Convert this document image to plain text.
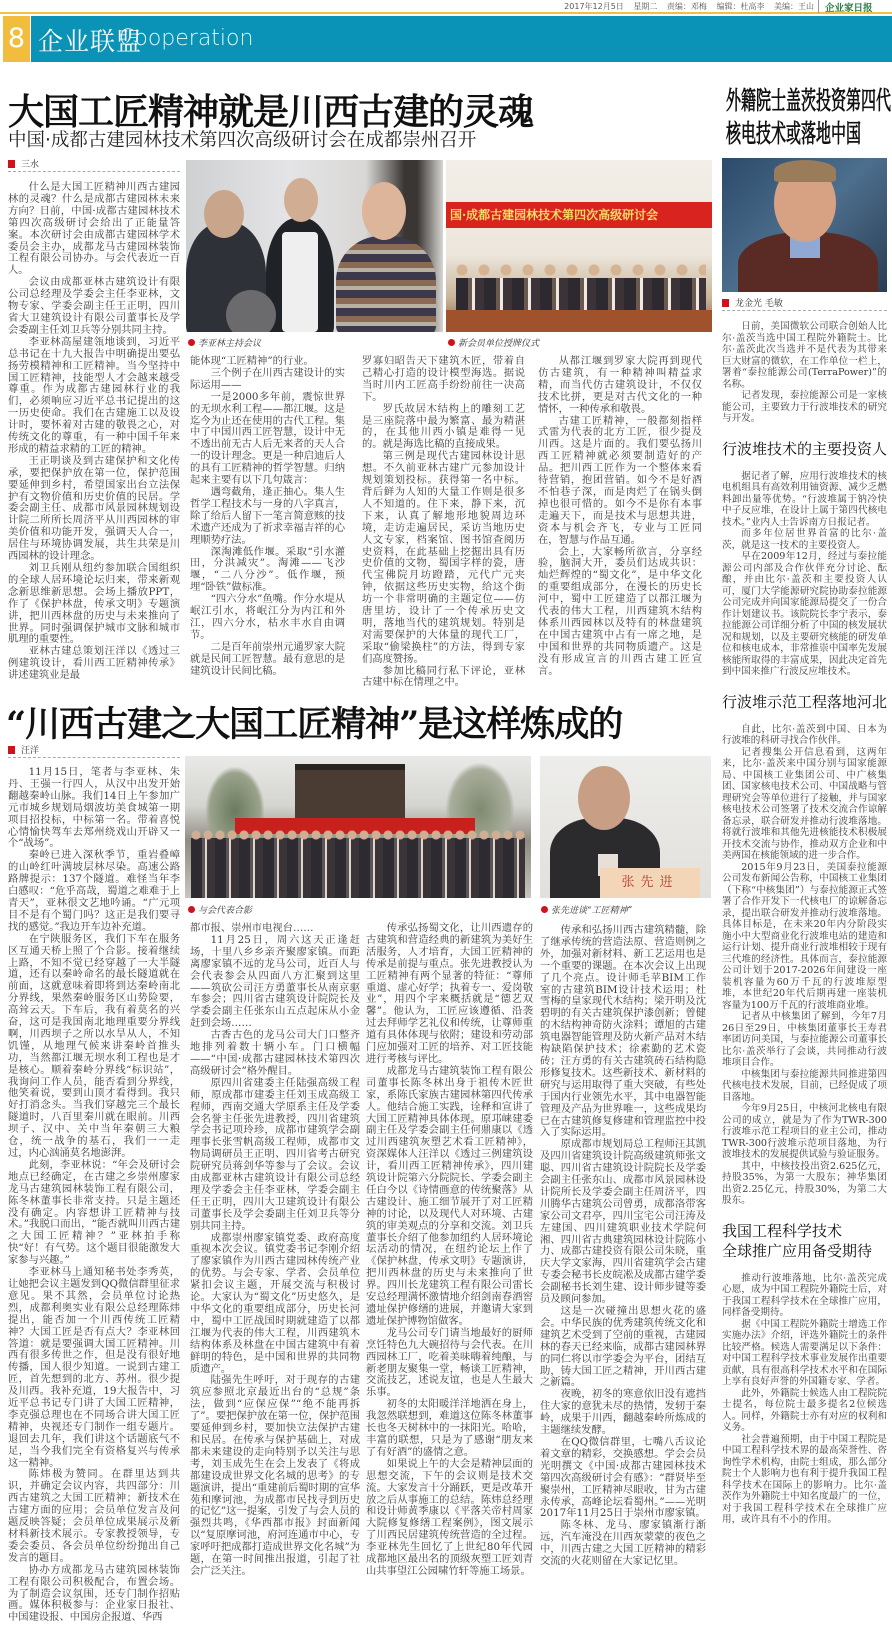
2017年12月5日 星期二 责编：邓梅 编辑：杜高李 美编：王山	企业家日报
8 企业联盟
Cooperation
大国工匠精神就是川西古建的灵魂
中国·成都古建园林技术第四次高级研讨会在成都崇州召开
三水

什么是大国工匠精神川西古建园林的灵魂？什么是成都古建园林未来方向？日前，中国·成都古建园林技术第四次高级研讨会给出了正能量答案。本次研讨会由成都古建园林学术委员会主办，成都龙马古建园林装饰工程有限公司协办。与会代表近一百人。

会议由成都亚林古建筑设计有限公司总经理及学委会主任李亚林，文物专家、学委会副主任王正明，四川省大卫建筑设计有限公司董事长及学会委副主任刘卫兵等分别共同主持。

李亚林高屋建瓴地谈到，习近平总书记在十九大报告中明确提出要弘扬劳模精神和工匠精神。当今坚持中国工匠精神，技能型人才会越来越受尊重。作为成都古建园林行业的我们，必须响应习近平总书记提出的这一历史使命。我们在古建施工以及设计时，要怀着对古建的敬畏之心，对传统文化的尊重，有一种中国千年来形成的精益求精的工匠的精神。

王正明谈及到古建保护和文化传承，要把保护放在第一位，保护范围要延伸到乡村，希望国家出台立法保护有文物价值和历史价值的民居。学委会副主任、成都市风景园林规划设计院二所所长周济平从川西园林的审美价值和功能开发，强调天人合一，居住与环境协调发展，共生共荣是川西园林的设计理念。

刘卫兵刚从纽约参加联合国组织的全球人居环境论坛归来，带来新观念新思维新思想。会场上播放PPT，作了《保护林盘，传承文明》专题演讲，把川西林盘的历史与未来推向了世界。同时强调保护城市文脉和城市肌理的重要性。

亚林古建总策划汪洋以《透过三例建筑设计，看川西工匠精神传承》讲述建筑业是最

国·成都古建园林技术第四次高级研讨会
李亚林主持会议	新会员单位授牌仪式

能体现“工匠精神”的行业。

三个例子在川西古建设计的实际运用——

一是2000多年前，震惊世界的无坝水利工程——都江堰。这是迄今为止还在使用的古代工程。集中了中国川西工匠智慧，设计中无不透出前无古人后无来者的天人合一的设计理念。更是一种启迪后人的具有工匠精神的哲学智慧。归纳起来主要有以下几句箴言：

遇弯截角，逢正抽心。集人生哲学工程技术与一身的八字真言，除了给后人留下一笔言简意赅的技术遗产还成为了祈求幸福吉祥的心理顺势疗法。

深淘滩低作堰。采取“引水灌田，分洪减灾”。淘滩——飞沙堰，“二八分沙”。低作堰，预埋“卧铁”做标准。

“四六分水”鱼嘴。作分水堤从岷江引水，将岷江分为内江和外江，四六分水，枯水丰水自由调节。

二是百年前崇州元通罗家大院就是民间工匠智慧。最有意思的是建筑设计民间比稿。

罗寡妇昭告天下建筑木匠，带着自己精心打造的设计模型海选。据说当时川内工匠高手纷纷前往一决高下。

罗氏故居木结构上的雕刻工艺是三座院落中最为繁富、最为精湛的，在其他川西小镇是难得一见的。就是海选比稿的直接成果。

第三例是现代古建园林设计思想。不久前亚林古建广元参加设计规划策划投标。获得第一名中标。背后鲜为人知的大量工作则是很多人不知道的。住下来，静下来，沉下来，认真了解地形地貌周边环境，走访走遍居民，采访当地历史人文专家，档案馆、图书馆查阅历史资料，在此基础上挖掘出具有历史价值的文物，蜀国字样的瓷，唐代宝佛院月坊蹬踏，元代广元夹钟，依据这些历史实物，给这个街坊一个非常明确的主题定位——仿唐里坊，设计了一个传承历史文明，落地当代的建筑规划。特别是对需要保护的大体量的现代工厂，采取“偷梁换柱”的方法，得到专家们高度赞扬。

参加比稿同行私下评论，亚林古建中标在情理之中。

从都江堰到罗家大院再到现代仿古建筑，有一种精神叫精益求精，而当代仿古建筑设计，不仅仅技术比拼，更是对古代文化的一种情怀，一种传承和敬畏。

古建工匠精神，一般都刻指样式雷为代表的北方工匠，很少提及川西。这是片面的。我们要弘扬川西工匠精神就必须要制造好的产品。把川西工匠作为一个整体来看待营销，抱团营销。如今不是好酒不怕巷子深，而是肉烂了在锅头倒掉也很可惜的。如今不是你有本事走遍天下，而是技术与思想共进，资本与机会齐飞，专业与工匠同在，智慧与作品互通。

会上，大家畅所欲言，分享经验，脑洞大开，委员们达成共识：灿烂辉煌的“蜀文化”，是中华文化的重要组成部分，在漫长的历史长河中，蜀中工匠建造了以都江堰为代表的伟大工程，川西建筑木结构体系川西园林以及特有的林盘建筑在中国古建筑中占有一席之地，是中国和世界的共同物质遗产。这是没有形成宣言的川西古建工匠宣言。

“川西古建之大国工匠精神”是这样炼成的
汪洋

11月15日，笔者与李亚林、朱丹、王强一行四人，从汉中出发开始翻越秦岭山脉。我们14日上午参加广元市城乡规划局烟波坊美食城第一期项目招投标，中标第一名。带着喜悦心情愉快驾车去郑州绕戏山开辟又一个“战场”。

秦岭已进入深秋季节，重岩叠嶂的山岭红叶满坡层林尽染。高速公路路牌提示：137个隧道。难怪当年李白感叹：“危乎高哉，蜀道之难难于上青天”，亚林很文艺地吟诵。“广元项目不是有个蜀门吗？这正是我们要寻找的感觉。”我边开车边补充道。

在宁陕服务区，我们下车在服务区互通天桥上照了个合影。接着继续上路，不知不觉已经穿越了一大半隧道，还有以秦岭命名的最长隧道就在前面，这就意味着即将到达秦岭南北分界线，果然秦岭服务区山势险要，高耸云天。下车后，我有着莫名的兴奋，这可是我国南北地理重要分界线啊，川西坝子之所以水旱从人，不知饥馑，从地理气候来讲秦岭首推头功，当然都江堰无坝水利工程也是才是核心。顺着秦岭分界线“标识站”，我询问工作人员，能否看到分界线，他笑着说，要到山顶才看得到。我只好打消念头。当我们穿越完三个最长隧道时，八百里秦川就在眼前。川西坝子、汉中、关中当年秦朝三大粮仓，统一战争的基石，我们一一走过，内心汹涌莫名地澎湃。

此刻，李亚林说：“年会及研讨会地点已经确定，在古建之乡崇州廖家龙马古建筑园林装饰工程有限公司，陈冬林董事长非常支持。只是主题还没有确定。内容想讲工匠精神与技术。”我脱口而出，“能否就叫川西古建之大国工匠精神？”亚林拍手称快“好！有气势。这个题目很能激发大家参与兴趣。”

李亚林马上通知秘书处李秀英，让她把会议主题发到QQ微信群里征求意见。果不其然，会员单位讨论热烈，成都利奥实业有限公总经理陈炜提出，能否加一个川西传统工匠精神？大国工匠是否有点大？李亚林回答道：就是要强调大国工匠精神。川西有很多传世之作，但是没有很好地传播，国人很少知道。一说到古建工匠，首先想到的北方、苏州。很少提及川西。我补充道，19大报告中，习近平总书记专门讲了大国工匠精神，李克强总理也在不同场合讲大国工匠精神，央视还专门制作一组专题片。退回去几年，我们讲这个话题底气不足，当今我们完全有资格复兴与传承这一精神。

陈炜极为赞同。在群里达到共识，并确定会议内容，共四部分：川西古建筑之大国工匠精神；新技术在古建方面的应用；会员单位发言及问题反映答疑；会员单位成果展示及新材料新技术展示。专家教授领导，专委会委员、各会员单位纷纷抛出自己发言的题目。

协办方成都龙马古建筑园林装饰工程有限公司积极配合，布置会场。为了制造会议氛围，还专门制作招贴画。媒体积极参与：企业家日报社、中国建设报、中国房企报道、华西

张先进
与会代表合影	张先进谈“工匠精神”

都市报、崇州市电视台……

11月25日，周六这天正逢赶场，十里八乡乡亲齐聚廖家镇。而距离廖家镇不远的龙马公司，近百人与会代表参会从四面八方汇聚到这里——筑砍公司汪方勇董事长从南京驱车参会；四川省古建筑设计院院长及学委会副主任张东山五点起床从小金赶到会场……

古香古色的龙马公司大门口整齐地排列着数十辆小车。门口横幅——“中国·成都古建园林技术第四次高级研讨会”格外醒目。

原四川省建委主任陆强高级工程师，原成都市建委主任刘玉成高级工程师，西南交通大学原系主任及学委会名誉主任张先进教授，四川省建筑学会书记项玲珍，成都市建筑学会副理事长张雪帆高级工程师，成都市文物局调研员王正明、四川省考古研究院研究员蒋剑华等参与了会议。会议由成都亚林古建筑设计有限公司总经理及学委会主任李亚林，学委会副主任王正明，四川大卫建筑设计有限公司董事长及学会委副主任刘卫兵等分别共同主持。

成都崇州廖家镇党委、政府高度重视本次会议。镇党委书记李刚介绍了廖家镇作为川西古建园林传统产业的优势。与会专家、学者、会员单位紧扣会议主题，开展交流与积极讨论。大家认为“蜀文化”历史悠久，是中华文化的重要组成部分，历史长河中，蜀中工匠战国时期就建造了以都江堰为代表的伟大工程，川西建筑木结构体系及林盘在中国古建筑中有着鲜明的特色，是中国和世界的共同物质遗产。

陆强先生呼吁，对于现存的古建筑应参照北京最近出台的“总规”条法，做到“应保应保”“绝不能再拆了”。要把保护放在第一位，保护范围要延伸到乡村，要加快立法保护古建和民居。在传承与保护基础上，对成都未来建设的走向特别予以关注与思考，刘玉成先生在会上发表了《将成都建设成世界文化名城的思考》的专题演讲，提出“重建前后蜀时期的宣华苑和摩诃池，为成都市民找寻到历史的记忆”这一提案，引发了与会人员的强烈共鸣，《华西都市报》封面新闻以“复原摩诃池，府河连通市中心，专家呼吁把成都打造成世界文化名城”为题，在第一时间推出报道，引起了社会广泛关注。

传承弘扬蜀文化，让川西遗存的古建筑和营造经典的新建筑为美好生活服务，人才培育，大国工匠精神的传承是前提与重点。张先进教授认为工匠精神有两个显著的特征：“尊师重道、虚心好学；执着专一、爱岗敬业”，用四个字来概括就是“德艺双馨”。他认为，工匠应该遵循、沿袭过去拜师学艺礼仪和传统，让尊师重道有具体体现与依附；建设和劳动部门应加强对工匠的培养、对工匠技能进行考核与评比。

成都龙马古建筑装饰工程有限公司董事长陈冬林出身于祖传木匠世家，系陈氏家族古建园林第四代传承人。他结合施工实践，诠释和宣讲了大国工匠精神具体体现。原邛崃建委副主任及学委会副主任何鼎康以《透过川西建筑灰塑艺术看工匠精神》，资深媒体人汪洋以《透过三例建筑设计，看川西工匠精神传承》，四川建筑设计院第六分院院长、学委会副主任白今以《诗情画意的传统聚落》从古建设计、施工细节展开了对工匠精神的讨论，以及现代人对环境、古建筑的审美观点的分享和交流。刘卫兵董事长介绍了他参加纽约人居环境论坛活动的情况，在纽约论坛上作了《保护林盘，传承文明》专题演讲，把川西林盘的历史与未来推向了世界。四川长龙建筑工程有限公司雷长安总经理满怀激情地介绍剑南春酒窖遗址保护修缮的进展，并邀请大家到遗址保护博物馆做客。

龙马公司专门请当地最好的厨师烹饪特色九大碗招待与会代表。在川西园林工厂，吃着美味嗨着纯酿，与新老朋友聚集一堂，畅谈工匠精神，交流技艺，述说友谊，也是人生最大乐事。

初冬的太阳暖洋洋地洒在身上，我忽然联想到，难道这位陈冬林董事长也冬天树林中的一抹阳光。哈哈，丰富的联想，只是为了感谢“朋友来了有好酒”的盛情之意。

如果说上午的大会是精神层面的思想交流，下午的会议则是技术交流。大家发言十分踊跃，更是改革开放之后从事施工的总结。陈炜总经理和设计师黄季康以《平落关帝村周家大院修复修缮工程案例》，图文展示了川西民居建筑传统营造的全过程。李亚林先生回忆了上世纪80年代园成都地区最出名的顶级灰塑工匠刘青山共事望江公园啸竹轩等施工场景。

传承和弘扬川西古建筑精髓，除了继承传统的营造法原、营造则例之外，加强对新材料、新工艺运用也是一个重要的课题。在本次会议上出现了几个亮点。设计师毛苹BIM工作室的古建筑BIM设计技术运用；杜雪梅的皇家现代木结构；梁开明及沈碧明的有关古建筑保护漆创新；曾健的木结构神奇防火涂料；谭旭的古建筑电器智能管理及防火新产品对木结构缺陷保护技术；徐素勤的艺术瓷砖；汪方勇的有关古建筑砖石结构隐形修复技术。这些新技术、新材料的研究与运用取得了重大突破，有些处于国内行业领先水平，其中电器智能管理及产品为世界唯一，这些成果均已在古建筑修复修建和管理监控中投入了实际运用。

原成都市规划局总工程师汪其凯及四川省建筑设计院高级建筑师张文聪、四川省古建筑设计院院长及学委会副主任张东山、成都市风景园林设计院所长及学委会副主任周济平，四川腾华古建筑公司曾勇，成都洛带客家公司文君亭，四川宝宅公司汪涛及左建国、四川建筑职业技术学院何湘、四川省古典建筑园林设计院陈小力、成都古建投资有限公司朱晓，重庆大学文家海，四川省建筑学会古建专委会秘书长皮皖凇及成都古建学委会副秘书长刘生建、设计师步键等委员及顾问参加。

这是一次碰撞出思想火花的盛会。中华民族的优秀建筑传统文化和建筑艺术受到了空前的重视，古建园林的春天已经来临，成都古建园林界的同仁将以市学委会为平台，团结互助，铸大国工匠之精神，开川西古建之新篇。

夜晚，初冬的寒意依旧没有遮挡住大家的意犹未尽的热情，发轫于秦岭，成果于川西，翻越秦岭所炼成的主题继续发酵。

在QQ微信群里，七嘴八舌议论着文章的精彩，交换感想。学会会员光明撰文《中国·成都古建园林技术第四次高级研讨会有感》：“群贤毕至聚崇州，工匠精神尽眼收，甘为古建永传承，高峰论坛看蜀州。”——光明 2017年11月25日于崇州市廖家镇。

陈冬林、龙马、廖家镇渐行渐远，汽车淹没在川西灰蒙蒙的夜色之中，川西古建之大国工匠精神的精彩交流的火花则留在大家记忆里。

外籍院士盖茨投资第四代
核电技术或落地中国
龙金光 毛敏

日前，美国微软公司联合创始人比尔·盖茨当选中国工程院外籍院士。比尔·盖茨此次当选并不是代表为其带来巨大财富的微软，在工作单位一栏上，署着“泰拉能源公司(TerraPower)”的名称。

记者发现，泰拉能源公司是一家核能公司，主要致力于行波堆技术的研究与开发。

行波堆技术的主要投资人

据记者了解，应用行波堆技术的核电机组具有高效利用铀资源、减少乏燃料卸出量等优势。“行波堆属于钠冷快中子反应堆，在设计上属于第四代核电技术。”业内人士告诉南方日报记者。

而多年位居世界首富的比尔·盖茨，就是这一技术的主要投资人。

早在2009年12月，经过与泰拉能源公司内部及合作伙伴充分讨论、酝酿，并由比尔·盖茨和主要投资人认可，厦门大学能源研究院协助泰拉能源公司完成并向国家能源局提交了一份合作计划建议书。该院院长李宁表示，泰拉能源公司详细分析了中国的核发展状况和规划，以及主要研究核能的研发单位和核电成本，非常推崇中国率先发展核能所取得的丰富成果，因此决定首先到中国来推广行波反应堆技术。

行波堆示范工程落地河北

自此，比尔·盖茨到中国、日本为行波堆的科研寻找合作伙伴。

记者搜集公开信息看到，这两年来，比尔·盖茨来中国分别与国家能源局、中国核工业集团公司、中广核集团、国家核电技术公司、中国战略与管理研究会等单位进行了接触，并与国家核电技术公司签署了技术交流合作谅解备忘录，联合研发并推动行波堆落地。将就行波堆和其他先进核能技术积极展开技术交流与协作，推动双方企业和中美两国在核能领域的进一步合作。

2015年9月23日，美国泰拉能源公司发布新闻公告称，中国核工业集团（下称“中核集团”）与泰拉能源正式签署了合作开发下一代核电厂的谅解备忘录，提出联合研发并推动行波堆落地。具体目标是，在未来20年内分阶段实施小中大型商业化行波堆电站的建造和运行计划、提升商业行波堆相较于现有三代堆的经济性。具体而言，泰拉能源公司计划于2017-2026年间建设一座装机容量为60万千瓦的行波堆原型堆，本世纪20年代后期再建一座装机容量为100万千瓦的行波堆商业堆。

记者从中核集团了解到，今年7月26日至29日，中核集团董事长王寿君率团访问美国，与泰拉能源公司董事长比尔·盖茨举行了会谈，共同推动行波堆项目合作。

中核集团与泰拉能源共同推进第四代核电技术发展，目前，已经促成了项目落地。

今年9月25日，中核河北核电有限公司的成立，就是为了作为TWR-300行波堆示范工程项目的业主公司，推动TWR-300行波堆示范项目落地，为行波堆技术的发展提供试验与验证服务。

其中，中核技投出资2.625亿元，持股35%，为第一大股东；神华集团出资2.25亿元，持股30%，为第二大股东。

我国工程科学技术
全球推广应用备受期待

推动行波堆落地，比尔·盖茨完成心愿，成为中国工程院外籍院士后，对于我国工程科学技术在全球推广应用，同样备受期待。

据《中国工程院外籍院士增选工作实施办法》介绍，评选外籍院士的条件比较严格。候选人需要满足以下条件：对中国工程科学技术事业发展作出重要贡献，具有很高科学技术水平和在国际上享有良好声誉的外国籍专家、学者。

此外，外籍院士候选人由工程院院士提名，每位院士最多提名2位候选人。同样，外籍院士亦有对应的权利和义务。

社会普遍预期，由于中国工程院是中国工程科学技术界的最高荣誉性、咨询性学术机构，由院士组成，那么部分院士个人影响力也有利于提升我国工程科学技术在国际上的影响力。比尔·盖茨作为外籍院士中知名度最广的一位，对于我国工程科学技术在全球推广应用，或许具有不小的作用。
